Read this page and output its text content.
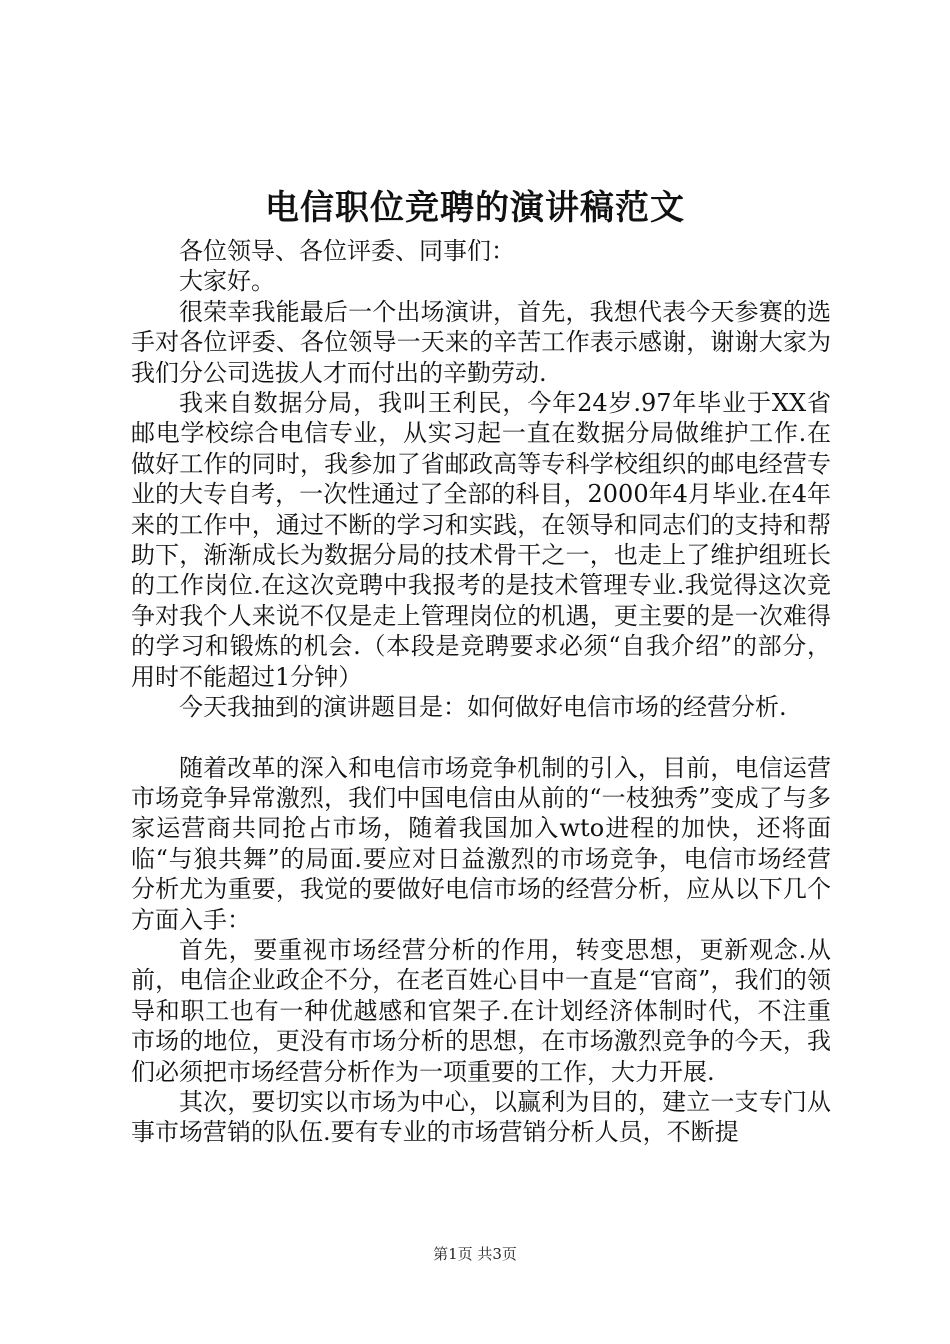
电信职位竞聘的演讲稿范文

各位领导、各位评委、同事们：

大家好。

很荣幸我能最后一个出场演讲，首先，我想代表今天参赛的选手对各位评委、各位领导一天来的辛苦工作表示感谢，谢谢大家为我们分公司选拔人才而付出的辛勤劳动.

我来自数据分局，我叫王利民，今年24岁.97年毕业于XX省邮电学校综合电信专业，从实习起一直在数据分局做维护工作.在做好工作的同时，我参加了省邮政高等专科学校组织的邮电经营专业的大专自考，一次性通过了全部的科目，2000年4月毕业.在4年来的工作中，通过不断的学习和实践，在领导和同志们的支持和帮助下，渐渐成长为数据分局的技术骨干之一，也走上了维护组班长的工作岗位.在这次竞聘中我报考的是技术管理专业.我觉得这次竞争对我个人来说不仅是走上管理岗位的机遇，更主要的是一次难得的学习和锻炼的机会.（本段是竞聘要求必须“自我介绍”的部分，用时不能超过1分钟）

今天我抽到的演讲题目是：如何做好电信市场的经营分析.

随着改革的深入和电信市场竞争机制的引入，目前，电信运营市场竞争异常激烈，我们中国电信由从前的“一枝独秀”变成了与多家运营商共同抢占市场，随着我国加入wto进程的加快，还将面临“与狼共舞”的局面.要应对日益激烈的市场竞争，电信市场经营分析尤为重要，我觉的要做好电信市场的经营分析，应从以下几个方面入手：

首先，要重视市场经营分析的作用，转变思想，更新观念.从前，电信企业政企不分，在老百姓心目中一直是“官商”，我们的领导和职工也有一种优越感和官架子.在计划经济体制时代，不注重市场的地位，更没有市场分析的思想，在市场激烈竞争的今天，我们必须把市场经营分析作为一项重要的工作，大力开展.

其次，要切实以市场为中心，以赢利为目的，建立一支专门从事市场营销的队伍.要有专业的市场营销分析人员，不断提

第1页 共3页
